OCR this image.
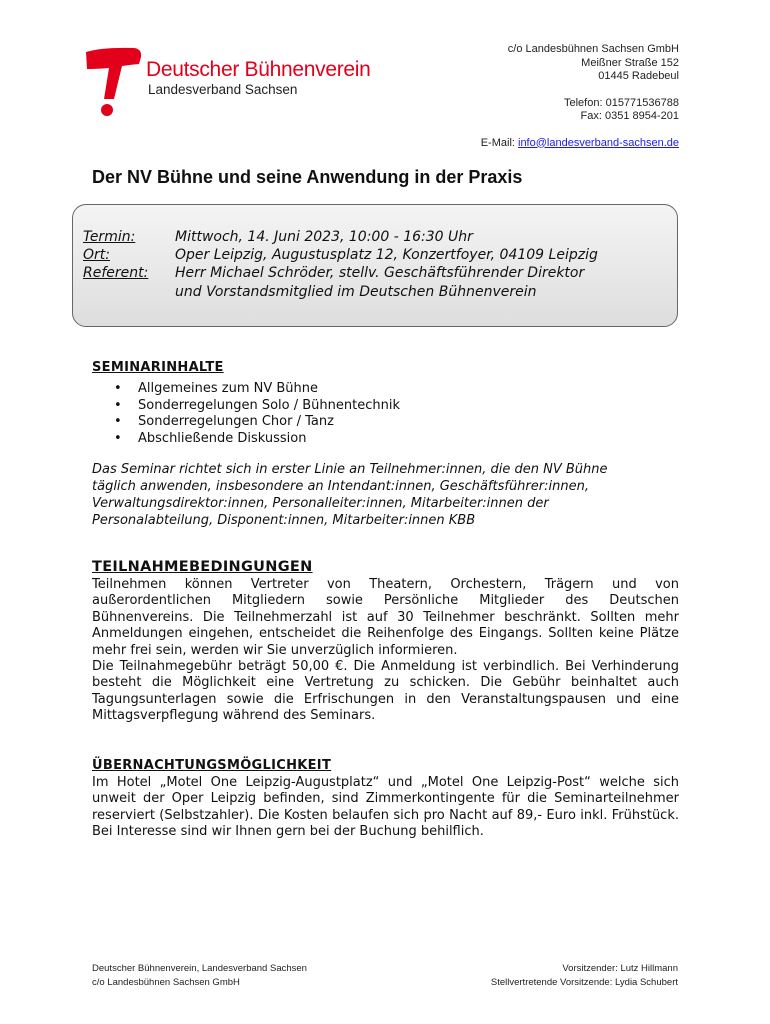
Deutscher Bühnenverein
Landesverband Sachsen
c/o Landesbühnen Sachsen GmbH
Meißner Straße 152
01445 Radebeul
Telefon: 015771536788
Fax: 0351 8954-201
E-Mail: info@landesverband-sachsen.de
Der NV Bühne und seine Anwendung in der Praxis
Termin:	Mittwoch, 14. Juni 2023, 10:00 - 16:30 Uhr
Ort:	Oper Leipzig, Augustusplatz 12, Konzertfoyer, 04109 Leipzig
Referent: Herr Michael Schröder, stellv. Geschäftsführender Direktor
und Vorstandsmitglied im Deutschen Bühnenverein
SEMINARINHALTE
• Allgemeines zum NV Bühne
• Sonderregelungen Solo / Bühnentechnik
• Sonderregelungen Chor / Tanz
• Abschließende Diskussion
Das Seminar richtet sich in erster Linie an Teilnehmer:innen, die den NV Bühne
täglich anwenden, insbesondere an Intendant:innen, Geschäftsführer:innen,
Verwaltungsdirektor:innen, Personalleiter:innen, Mitarbeiter:innen der
Personalabteilung, Disponent:innen, Mitarbeiter:innen KBB
TEILNAHMEBEDINGUNGEN
Teilnehmen können Vertreter von Theatern, Orchestern, Trägern und von außerordentlichen Mitgliedern sowie Persönliche Mitglieder des Deutschen Bühnenvereins. Die Teilnehmerzahl ist auf 30 Teilnehmer beschränkt. Sollten mehr Anmeldungen eingehen, entscheidet die Reihenfolge des Eingangs. Sollten keine Plätze mehr frei sein, werden wir Sie unverzüglich informieren.
Die Teilnahmegebühr beträgt 50,00 €. Die Anmeldung ist verbindlich. Bei Verhinderung besteht die Möglichkeit eine Vertretung zu schicken. Die Gebühr beinhaltet auch Tagungsunterlagen sowie die Erfrischungen in den Veranstaltungspausen und eine Mittagsverpflegung während des Seminars.
ÜBERNACHTUNGSMÖGLICHKEIT
Im Hotel „Motel One Leipzig-Augustplatz“ und „Motel One Leipzig-Post“ welche sich unweit der Oper Leipzig befinden, sind Zimmerkontingente für die Seminarteilnehmer reserviert (Selbstzahler). Die Kosten belaufen sich pro Nacht auf 89,- Euro inkl. Frühstück. Bei Interesse sind wir Ihnen gern bei der Buchung behilflich.
Deutscher Bühnenverein, Landesverband Sachsen
c/o Landesbühnen Sachsen GmbH
Vorsitzender: Lutz Hillmann
Stellvertretende Vorsitzende: Lydia Schubert
